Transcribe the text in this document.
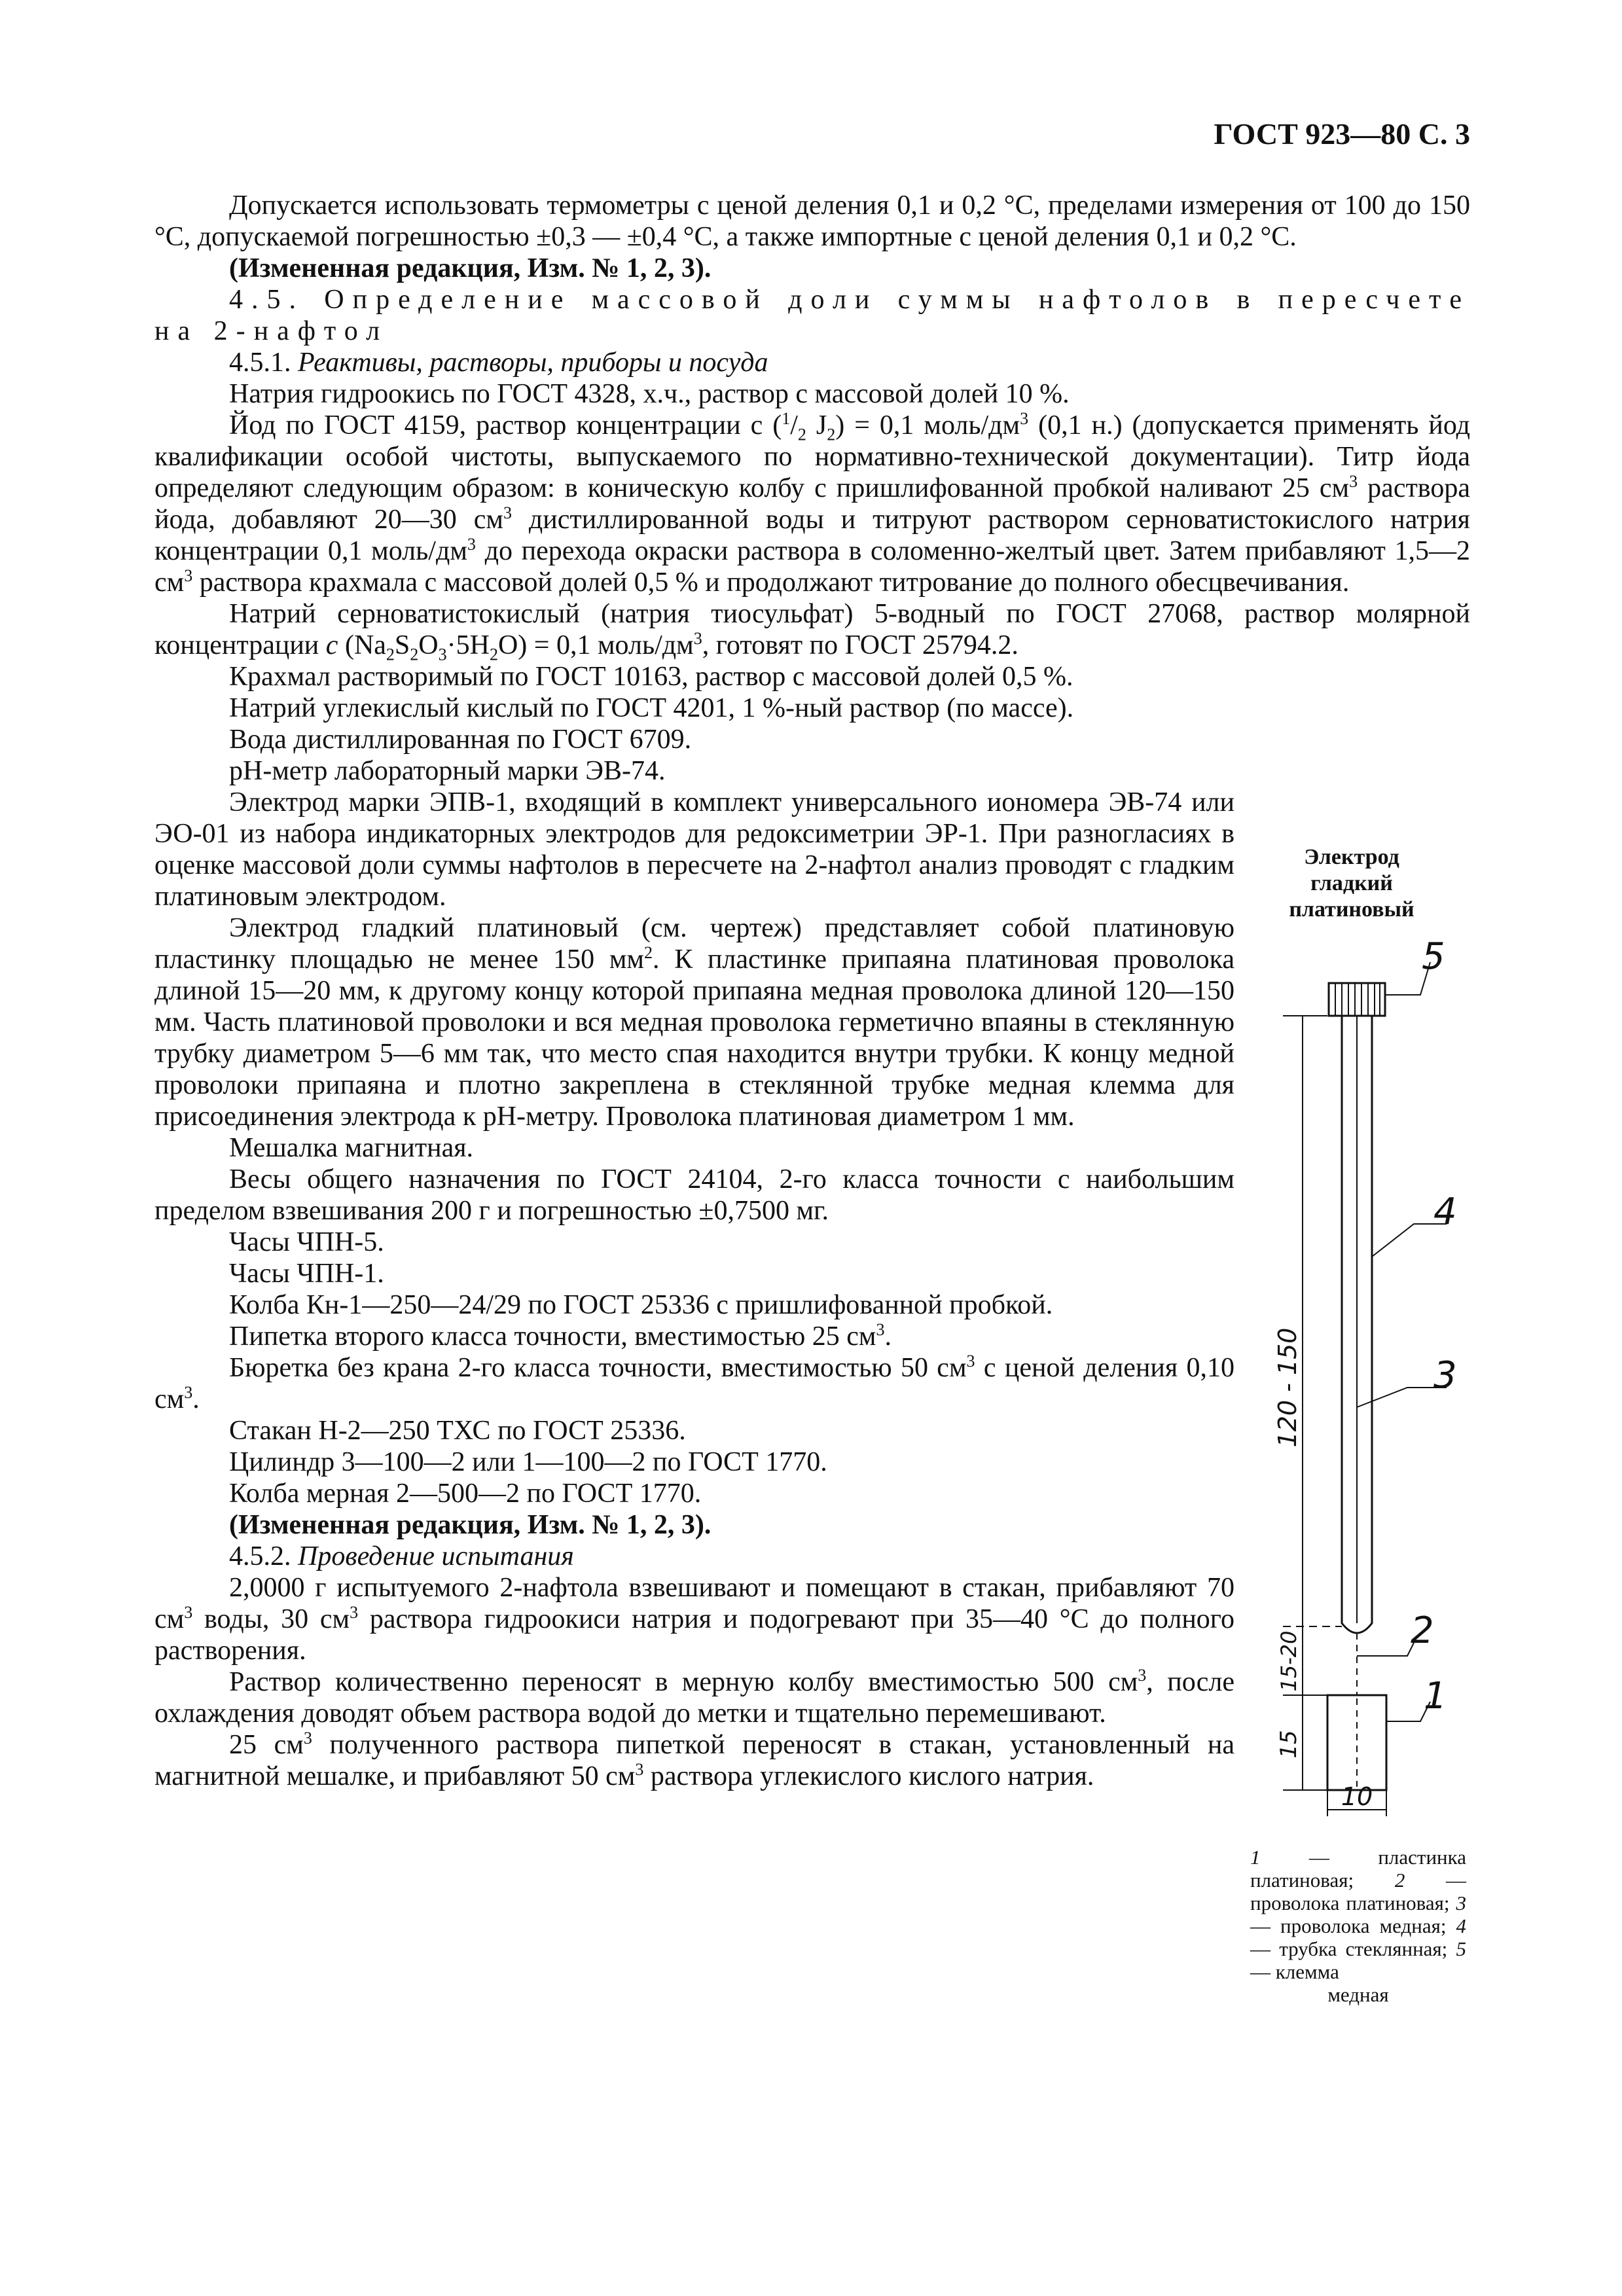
ГОСТ 923—80 С. 3

Допускается использовать термометры с ценой деления 0,1 и 0,2 °С, пределами измерения от 100 до 150 °С, допускаемой погрешностью ±0,3 — ±0,4 °С, а также импортные с ценой деления 0,1 и 0,2 °С.

(Измененная редакция, Изм. № 1, 2, 3).

4.5. Определение массовой доли суммы нафтолов в пересчете на 2-нафтол

4.5.1. Реактивы, растворы, приборы и посуда

Натрия гидроокись по ГОСТ 4328, х.ч., раствор с массовой долей 10 %.

Йод по ГОСТ 4159, раствор концентрации с ($^1/_2$ $J_2) = 0,1$ моль/$дм^3$ (0,1 н.) (допускается применять йод квалификации особой чистоты, выпускаемого по нормативно-технической документации). Титр йода определяют следующим образом: в коническую колбу с пришлифованной пробкой наливают 25 $см^3$ раствора йода, добавляют 20—30 $см^3$ дистиллированной воды и титруют раствором серноватистокислого натрия концентрации 0,1 моль/$дм^3$ до перехода окраски раствора в соломенно-желтый цвет. Затем прибавляют 1,5—2 $см^3$ раствора крахмала с массовой долей 0,5 % и продолжают титрование до полного обесцвечивания.

Натрий серноватистокислый (натрия тиосульфат) 5-водный по ГОСТ 27068, раствор молярной концентрации c $(Na_2S_2O_3\cdot 5H_2O) = 0,1$ моль/$дм^3$, готовят по ГОСТ 25794.2.

Крахмал растворимый по ГОСТ 10163, раствор с массовой долей 0,5 %.

Натрий углекислый кислый по ГОСТ 4201, 1 %-ный раствор (по массе).

Вода дистиллированная по ГОСТ 6709.

рН-метр лабораторный марки ЭВ-74.

Электрод марки ЭПВ-1, входящий в комплект универсального иономера ЭВ-74 или ЭО-01 из набора индикаторных электродов для редоксиметрии ЭР-1. При разногласиях в оценке массовой доли суммы нафтолов в пересчете на 2-нафтол анализ проводят с гладким платиновым электродом.

Электрод гладкий платиновый (см. чертеж) представляет собой платиновую пластинку площадью не менее 150 $мм^2$. К пластинке припаяна платиновая проволока длиной 15—20 мм, к другому концу которой припаяна медная проволока длиной 120—150 мм. Часть платиновой проволоки и вся медная проволока герметично впаяны в стеклянную трубку диаметром 5—6 мм так, что место спая находится внутри трубки. К концу медной проволоки припаяна и плотно закреплена в стеклянной трубке медная клемма для присоединения электрода к рН-метру. Проволока платиновая диаметром 1 мм.

Мешалка магнитная.

Весы общего назначения по ГОСТ 24104, 2-го класса точности с наибольшим пределом взвешивания 200 г и погрешностью ±0,7500 мг.

Часы ЧПН-5.

Часы ЧПН-1.

Колба Кн-1—250—24/29 по ГОСТ 25336 с пришлифованной пробкой.

Пипетка второго класса точности, вместимостью 25 $см^3$.

Бюретка без крана 2-го класса точности, вместимостью 50 $см^3$ с ценой деления 0,10 $см^3$.

Стакан Н-2—250 ТХС по ГОСТ 25336.

Цилиндр 3—100—2 или 1—100—2 по ГОСТ 1770.

Колба мерная 2—500—2 по ГОСТ 1770.

(Измененная редакция, Изм. № 1, 2, 3).

4.5.2. Проведение испытания

2,0000 г испытуемого 2-нафтола взвешивают и помещают в стакан, прибавляют 70 $см^3$ воды, 30 $см^3$ раствора гидроокиси натрия и подогревают при 35—40 °С до полного растворения.

Раствор количественно переносят в мерную колбу вместимостью 500 $см^3$, после охлаждения доводят объем раствора водой до метки и тщательно перемешивают.

25 $см^3$ полученного раствора пипеткой переносят в стакан, установленный на магнитной мешалке, и прибавляют 50 $см^3$ раствора углекислого кислого натрия.

Электрод
гладкий
платиновый
5
4
3
2
1
120 - 150
15-20
15
10
1 — пластинка платиновая; 2 — проволока платиновая; 3 — проволока медная; 4 — трубка стеклянная; 5 — клемма
медная
